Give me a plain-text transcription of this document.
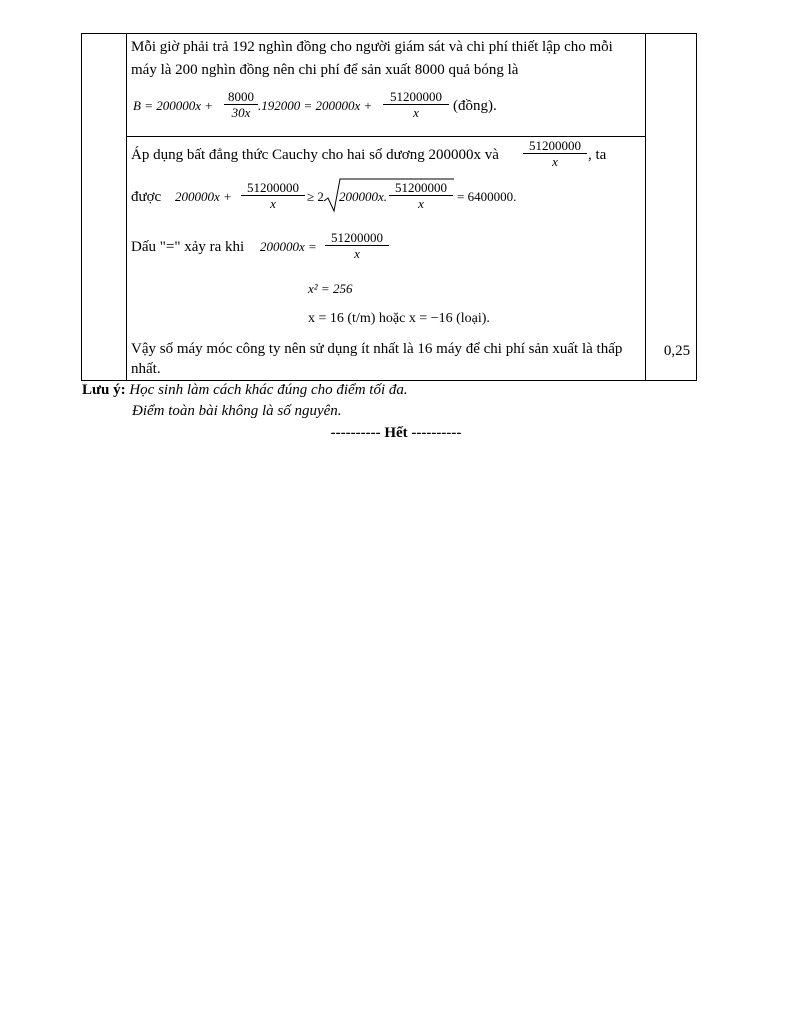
Mỗi giờ phải trả 192 nghìn đồng cho người giám sát và chi phí thiết lập cho mỗi
máy là 200 nghìn đồng nên chi phí để sản xuất 8000 quả bóng là
$B = 200000x + \frac{8000}{30x} .192000 = 200000x + \frac{51200000}{x}$ (đồng).
Áp dụng bất đẳng thức Cauchy cho hai số dương 200000x và $\frac{51200000}{x}$ , ta
được $200000x + \frac{51200000}{x} \ge 2$ 200000x. $\frac{51200000}{x} = 6400000$.
Dấu "=" xảy ra khi $200000x = \frac{51200000}{x}$
x² = 256
x = 16 (t/m) hoặc x = −16 (loại).
Vậy số máy móc công ty nên sử dụng ít nhất là 16 máy để chi phí sản xuất là thấp
nhất.
0,25
Lưu ý: Học sinh làm cách khác đúng cho điểm tối đa.
Điểm toàn bài không là số nguyên.
---------- Hết ----------
